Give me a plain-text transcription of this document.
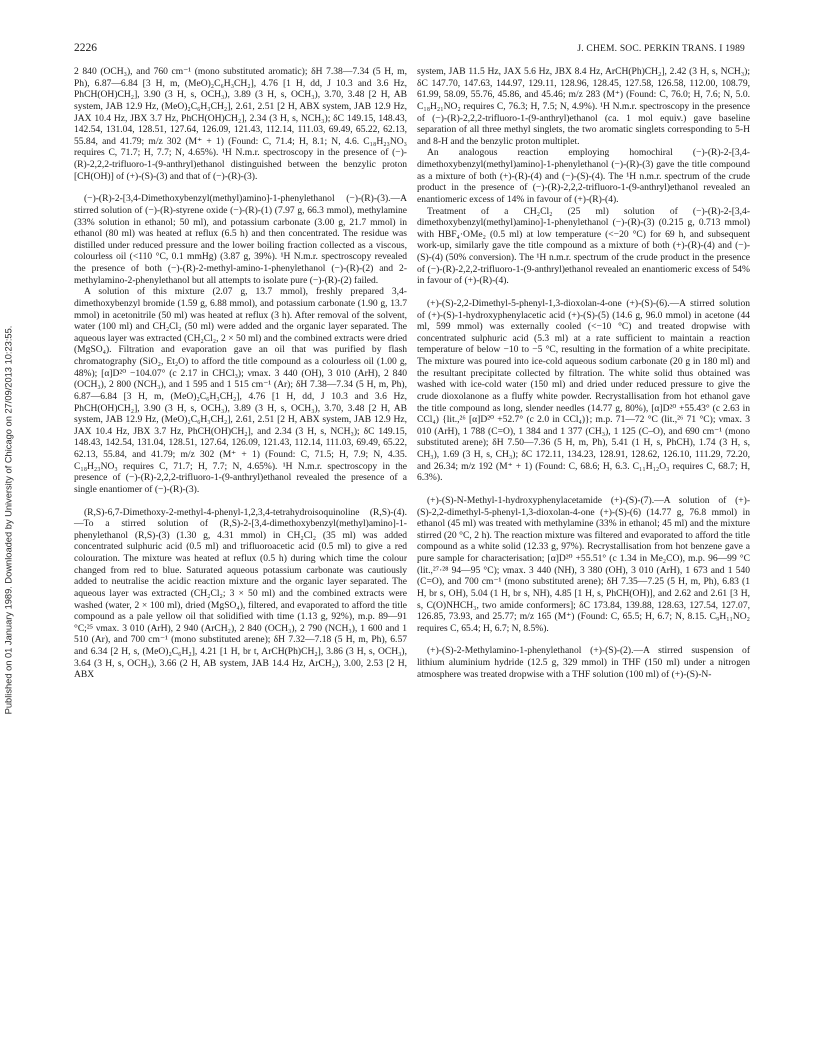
2226	J. CHEM. SOC. PERKIN TRANS. I 1989
Published on 01 January 1989. Downloaded by University of Chicago on 27/09/2013 10:23:55.

2 840 (OCH₃), and 760 cm⁻¹ (mono substituted aromatic); δH 7.38—7.34 (5 H, m, Ph), 6.87—6.84 [3 H, m, (MeO)₂C₆H₃CH₂], 4.76 [1 H, dd, J 10.3 and 3.6 Hz, PhCH(OH)CH₂], 3.90 (3 H, s, OCH₃), 3.89 (3 H, s, OCH₃), 3.70, 3.48 [2 H, AB system, JAB 12.9 Hz, (MeO)₂C₆H₃CH₂], 2.61, 2.51 [2 H, ABX system, JAB 12.9 Hz, JAX 10.4 Hz, JBX 3.7 Hz, PhCH(OH)CH₂], 2.34 (3 H, s, NCH₃); δC 149.15, 148.43, 142.54, 131.04, 128.51, 127.64, 126.09, 121.43, 112.14, 111.03, 69.49, 65.22, 62.13, 55.84, and 41.79; m/z 302 (M⁺ + 1) (Found: C, 71.4; H, 8.1; N, 4.6. C₁₈H₂₃NO₃ requires C, 71.7; H, 7.7; N, 4.65%). ¹H N.m.r. spectroscopy in the presence of (−)-(R)-2,2,2-trifluoro-1-(9-anthryl)ethanol distinguished between the benzylic proton [CH(OH)] of (+)-(S)-(3) and that of (−)-(R)-(3).

(−)-(R)-2-[3,4-Dimethoxybenzyl(methyl)amino]-1-phenylethanol (−)-(R)-(3).—A stirred solution of (−)-(R)-styrene oxide (−)-(R)-(1) (7.97 g, 66.3 mmol), methylamine (33% solution in ethanol; 50 ml), and potassium carbonate (3.00 g, 21.7 mmol) in ethanol (80 ml) was heated at reflux (6.5 h) and then concentrated. The residue was distilled under reduced pressure and the lower boiling fraction collected as a viscous, colourless oil (<110 °C, 0.1 mmHg) (3.87 g, 39%). ¹H N.m.r. spectroscopy revealed the presence of both (−)-(R)-2-methyl-amino-1-phenylethanol (−)-(R)-(2) and 2-methylamino-2-phenylethanol but all attempts to isolate pure (−)-(R)-(2) failed.

A solution of this mixture (2.07 g, 13.7 mmol), freshly prepared 3,4-dimethoxybenzyl bromide (1.59 g, 6.88 mmol), and potassium carbonate (1.90 g, 13.7 mmol) in acetonitrile (50 ml) was heated at reflux (3 h). After removal of the solvent, water (100 ml) and CH₂Cl₂ (50 ml) were added and the organic layer separated. The aqueous layer was extracted (CH₂Cl₂, 2 × 50 ml) and the combined extracts were dried (MgSO₄). Filtration and evaporation gave an oil that was purified by flash chromatography (SiO₂, Et₂O) to afford the title compound as a colourless oil (1.00 g, 48%); [α]D²⁰ −104.07° (c 2.17 in CHCl₃); νmax. 3 440 (OH), 3 010 (ArH), 2 840 (OCH₃), 2 800 (NCH₃), and 1 595 and 1 515 cm⁻¹ (Ar); δH 7.38—7.34 (5 H, m, Ph), 6.87—6.84 [3 H, m, (MeO)₂C₆H₃CH₂], 4.76 [1 H, dd, J 10.3 and 3.6 Hz, PhCH(OH)CH₂], 3.90 (3 H, s, OCH₃), 3.89 (3 H, s, OCH₃), 3.70, 3.48 [2 H, AB system, JAB 12.9 Hz, (MeO)₂C₆H₃CH₂], 2.61, 2.51 [2 H, ABX system, JAB 12.9 Hz, JAX 10.4 Hz, JBX 3.7 Hz, PhCH(OH)CH₂], and 2.34 (3 H, s, NCH₃); δC 149.15, 148.43, 142.54, 131.04, 128.51, 127.64, 126.09, 121.43, 112.14, 111.03, 69.49, 65.22, 62.13, 55.84, and 41.79; m/z 302 (M⁺ + 1) (Found: C, 71.5; H, 7.9; N, 4.35. C₁₈H₂₃NO₃ requires C, 71.7; H, 7.7; N, 4.65%). ¹H N.m.r. spectroscopy in the presence of (−)-(R)-2,2,2-trifluoro-1-(9-anthryl)ethanol revealed the presence of a single enantiomer of (−)-(R)-(3).

(R,S)-6,7-Dimethoxy-2-methyl-4-phenyl-1,2,3,4-tetrahydroisoquinoline (R,S)-(4).—To a stirred solution of (R,S)-2-[3,4-dimethoxybenzyl(methyl)amino]-1-phenylethanol (R,S)-(3) (1.30 g, 4.31 mmol) in CH₂Cl₂ (35 ml) was added concentrated sulphuric acid (0.5 ml) and trifluoroacetic acid (0.5 ml) to give a red colouration. The mixture was heated at reflux (0.5 h) during which time the colour changed from red to blue. Saturated aqueous potassium carbonate was cautiously added to neutralise the acidic reaction mixture and the organic layer separated. The aqueous layer was extracted (CH₂Cl₂; 3 × 50 ml) and the combined extracts were washed (water, 2 × 100 ml), dried (MgSO₄), filtered, and evaporated to afford the title compound as a pale yellow oil that solidified with time (1.13 g, 92%), m.p. 89—91 °C;²⁵ νmax. 3 010 (ArH), 2 940 (ArCH₂), 2 840 (OCH₃), 2 790 (NCH₃), 1 600 and 1 510 (Ar), and 700 cm⁻¹ (mono substituted arene); δH 7.32—7.18 (5 H, m, Ph), 6.57 and 6.34 [2 H, s, (MeO)₂C₆H₂], 4.21 [1 H, br t, ArCH(Ph)CH₂], 3.86 (3 H, s, OCH₃), 3.64 (3 H, s, OCH₃), 3.66 (2 H, AB system, JAB 14.4 Hz, ArCH₂), 3.00, 2.53 [2 H, ABX

system, JAB 11.5 Hz, JAX 5.6 Hz, JBX 8.4 Hz, ArCH(Ph)CH₂], 2.42 (3 H, s, NCH₃); δC 147.70, 147.63, 144.97, 129.11, 128.96, 128.45, 127.58, 126.58, 112.00, 108.79, 61.99, 58.09, 55.76, 45.86, and 45.46; m/z 283 (M⁺) (Found: C, 76.0; H, 7.6; N, 5.0. C₁₈H₂₁NO₂ requires C, 76.3; H, 7.5; N, 4.9%). ¹H N.m.r. spectroscopy in the presence of (−)-(R)-2,2,2-trifluoro-1-(9-anthryl)ethanol (ca. 1 mol equiv.) gave baseline separation of all three methyl singlets, the two aromatic singlets corresponding to 5-H and 8-H and the benzylic proton multiplet.

An analogous reaction employing homochiral (−)-(R)-2-[3,4-dimethoxybenzyl(methyl)amino]-1-phenylethanol (−)-(R)-(3) gave the title compound as a mixture of both (+)-(R)-(4) and (−)-(S)-(4). The ¹H n.m.r. spectrum of the crude product in the presence of (−)-(R)-2,2,2-trifluoro-1-(9-anthryl)ethanol revealed an enantiomeric excess of 14% in favour of (+)-(R)-(4).

Treatment of a CH₂Cl₂ (25 ml) solution of (−)-(R)-2-[3,4-dimethoxybenzyl(methyl)amino]-1-phenylethanol (−)-(R)-(3) (0.215 g, 0.713 mmol) with HBF₄·OMe₂ (0.5 ml) at low temperature (<−20 °C) for 69 h, and subsequent work-up, similarly gave the title compound as a mixture of both (+)-(R)-(4) and (−)-(S)-(4) (50% conversion). The ¹H n.m.r. spectrum of the crude product in the presence of (−)-(R)-2,2,2-trifluoro-1-(9-anthryl)ethanol revealed an enantiomeric excess of 54% in favour of (+)-(R)-(4).

(+)-(S)-2,2-Dimethyl-5-phenyl-1,3-dioxolan-4-one (+)-(S)-(6).—A stirred solution of (+)-(S)-1-hydroxyphenylacetic acid (+)-(S)-(5) (14.6 g, 96.0 mmol) in acetone (44 ml, 599 mmol) was externally cooled (<−10 °C) and treated dropwise with concentrated sulphuric acid (5.3 ml) at a rate sufficient to maintain a reaction temperature of below −10 to −5 °C, resulting in the formation of a white precipitate. The mixture was poured into ice-cold aqueous sodium carbonate (20 g in 180 ml) and the resultant precipitate collected by filtration. The white solid thus obtained was washed with ice-cold water (150 ml) and dried under reduced pressure to give the crude dioxolanone as a fluffy white powder. Recrystallisation from hot ethanol gave the title compound as long, slender needles (14.77 g, 80%), [α]D²⁰ +55.43° (c 2.63 in CCl₄) {lit.,²⁶ [α]D²⁰ +52.7° (c 2.0 in CCl₄)}; m.p. 71—72 °C (lit.,²⁶ 71 °C); νmax. 3 010 (ArH), 1 788 (C=O), 1 384 and 1 377 (CH₃), 1 125 (C–O), and 690 cm⁻¹ (mono substituted arene); δH 7.50—7.36 (5 H, m, Ph), 5.41 (1 H, s, PhCH), 1.74 (3 H, s, CH₃), 1.69 (3 H, s, CH₃); δC 172.11, 134.23, 128.91, 128.62, 126.10, 111.29, 72.20, and 26.34; m/z 192 (M⁺ + 1) (Found: C, 68.6; H, 6.3. C₁₁H₁₂O₃ requires C, 68.7; H, 6.3%).

(+)-(S)-N-Methyl-1-hydroxyphenylacetamide (+)-(S)-(7).—A solution of (+)-(S)-2,2-dimethyl-5-phenyl-1,3-dioxolan-4-one (+)-(S)-(6) (14.77 g, 76.8 mmol) in ethanol (45 ml) was treated with methylamine (33% in ethanol; 45 ml) and the mixture stirred (20 °C, 2 h). The reaction mixture was filtered and evaporated to afford the title compound as a white solid (12.33 g, 97%). Recrystallisation from hot benzene gave a pure sample for characterisation; [α]D²⁰ +55.51° (c 1.34 in Me₂CO), m.p. 96—99 °C (lit.,²⁷·²⁸ 94—95 °C); νmax. 3 440 (NH), 3 380 (OH), 3 010 (ArH), 1 673 and 1 540 (C=O), and 700 cm⁻¹ (mono substituted arene); δH 7.35—7.25 (5 H, m, Ph), 6.83 (1 H, br s, OH), 5.04 (1 H, br s, NH), 4.85 [1 H, s, PhCH(OH)], and 2.62 and 2.61 [3 H, s, C(O)NHCH₃, two amide conformers]; δC 173.84, 139.88, 128.63, 127.54, 127.07, 126.85, 73.93, and 25.77; m/z 165 (M⁺) (Found: C, 65.5; H, 6.7; N, 8.15. C₉H₁₁NO₂ requires C, 65.4; H, 6.7; N, 8.5%).

(+)-(S)-2-Methylamino-1-phenylethanol (+)-(S)-(2).—A stirred suspension of lithium aluminium hydride (12.5 g, 329 mmol) in THF (150 ml) under a nitrogen atmosphere was treated dropwise with a THF solution (100 ml) of (+)-(S)-N-
